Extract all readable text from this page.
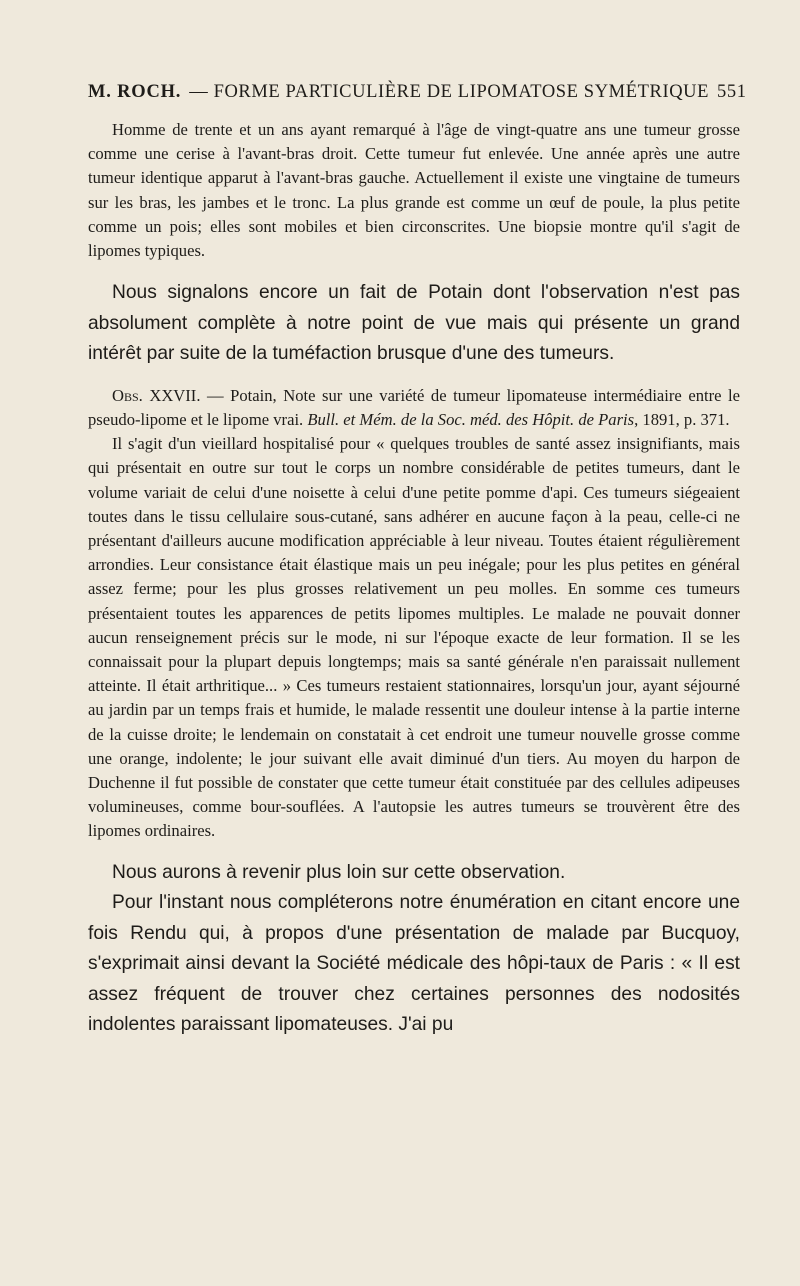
M. ROCH. — FORME PARTICULIÈRE DE LIPOMATOSE SYMÉTRIQUE 551

Homme de trente et un ans ayant remarqué à l'âge de vingt-quatre ans une tumeur grosse comme une cerise à l'avant-bras droit. Cette tumeur fut enlevée. Une année après une autre tumeur identique apparut à l'avant-bras gauche. Actuellement il existe une vingtaine de tumeurs sur les bras, les jambes et le tronc. La plus grande est comme un œuf de poule, la plus petite comme un pois; elles sont mobiles et bien circonscrites. Une biopsie montre qu'il s'agit de lipomes typiques.

Nous signalons encore un fait de Potain dont l'observation n'est pas absolument complète à notre point de vue mais qui présente un grand intérêt par suite de la tuméfaction brusque d'une des tumeurs.

Obs. XXVII. — Potain, Note sur une variété de tumeur lipomateuse intermédiaire entre le pseudo-lipome et le lipome vrai. Bull. et Mém. de la Soc. méd. des Hôpit. de Paris, 1891, p. 371.

Il s'agit d'un vieillard hospitalisé pour « quelques troubles de santé assez insignifiants, mais qui présentait en outre sur tout le corps un nombre considérable de petites tumeurs, dant le volume variait de celui d'une noisette à celui d'une petite pomme d'api. Ces tumeurs siégeaient toutes dans le tissu cellulaire sous-cutané, sans adhérer en aucune façon à la peau, celle-ci ne présentant d'ailleurs aucune modification appréciable à leur niveau. Toutes étaient régulièrement arrondies. Leur consistance était élastique mais un peu inégale; pour les plus petites en général assez ferme; pour les plus grosses relativement un peu molles. En somme ces tumeurs présentaient toutes les apparences de petits lipomes multiples. Le malade ne pouvait donner aucun renseignement précis sur le mode, ni sur l'époque exacte de leur formation. Il se les connaissait pour la plupart depuis longtemps; mais sa santé générale n'en paraissait nullement atteinte. Il était arthritique... » Ces tumeurs restaient stationnaires, lorsqu'un jour, ayant séjourné au jardin par un temps frais et humide, le malade ressentit une douleur intense à la partie interne de la cuisse droite; le lendemain on constatait à cet endroit une tumeur nouvelle grosse comme une orange, indolente; le jour suivant elle avait diminué d'un tiers. Au moyen du harpon de Duchenne il fut possible de constater que cette tumeur était constituée par des cellules adipeuses volumineuses, comme bour-souflées. A l'autopsie les autres tumeurs se trouvèrent être des lipomes ordinaires.

Nous aurons à revenir plus loin sur cette observation.

Pour l'instant nous compléterons notre énumération en citant encore une fois Rendu qui, à propos d'une présentation de malade par Bucquoy, s'exprimait ainsi devant la Société médicale des hôpi-taux de Paris : « Il est assez fréquent de trouver chez certaines personnes des nodosités indolentes paraissant lipomateuses. J'ai pu
